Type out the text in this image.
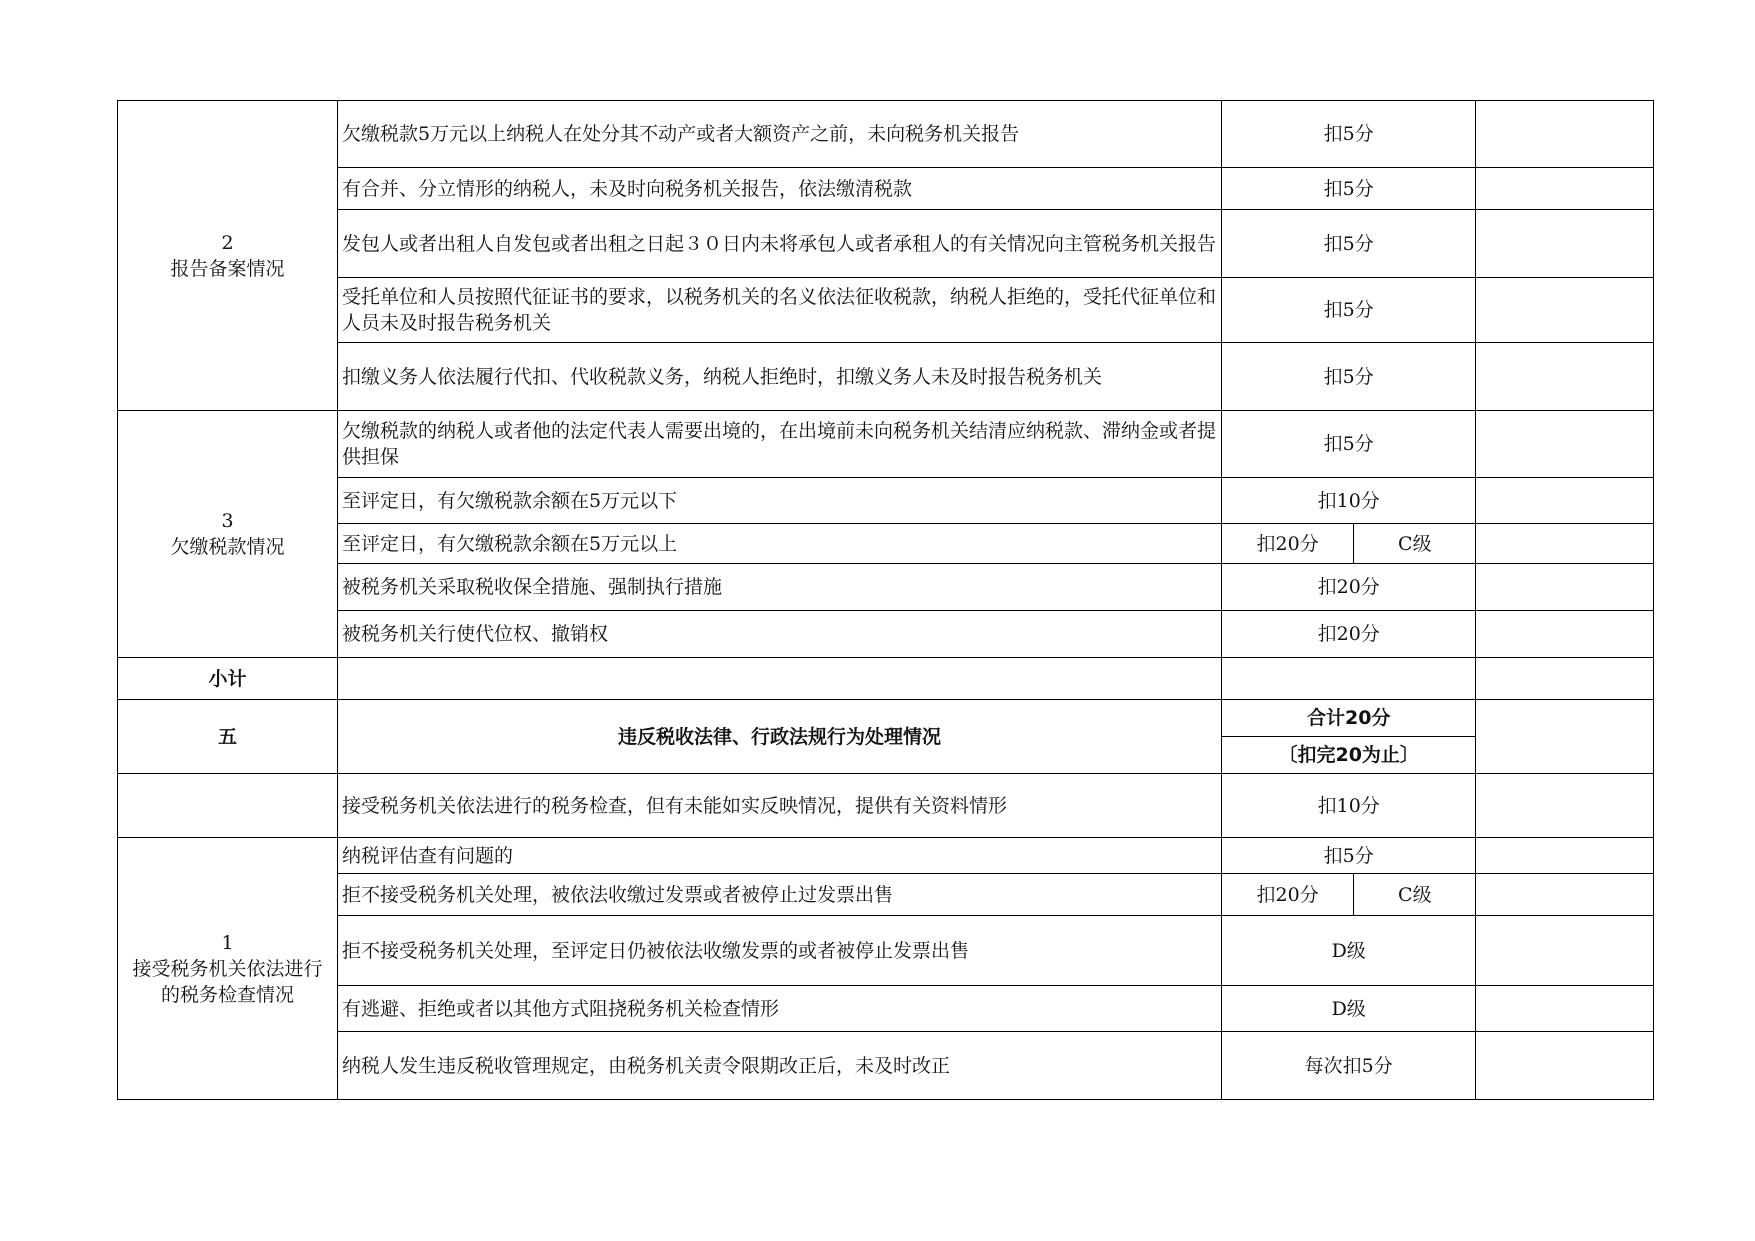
2
报告备案情况	欠缴税款5万元以上纳税人在处分其不动产或者大额资产之前，未向税务机关报告	扣5分		
	有合并、分立情形的纳税人，未及时向税务机关报告，依法缴清税款	扣5分		
	发包人或者出租人自发包或者出租之日起３０日内未将承包人或者承租人的有关情况向主管税务机关报告	扣5分		
	受托单位和人员按照代征证书的要求，以税务机关的名义依法征收税款，纳税人拒绝的，受托代征单位和人员未及时报告税务机关	扣5分		
	扣缴义务人依法履行代扣、代收税款义务，纳税人拒绝时，扣缴义务人未及时报告税务机关	扣5分		

3
欠缴税款情况	欠缴税款的纳税人或者他的法定代表人需要出境的，在出境前未向税务机关结清应纳税款、滞纳金或者提供担保	扣5分		
	至评定日，有欠缴税款余额在5万元以下	扣10分		
	至评定日，有欠缴税款余额在5万元以上	扣20分	C级	
	被税务机关采取税收保全措施、强制执行措施	扣20分		
	被税务机关行使代位权、撤销权	扣20分		
小计				
五	违反税收法律、行政法规行为处理情况	合计20分		
		〔扣完20为止〕		
	接受税务机关依法进行的税务检查，但有未能如实反映情况，提供有关资料情形	扣10分		

1
接受税务机关依法进行
的税务检查情况	纳税评估查有问题的	扣5分		
	拒不接受税务机关处理，被依法收缴过发票或者被停止过发票出售	扣20分	C级	
	拒不接受税务机关处理，至评定日仍被依法收缴发票的或者被停止发票出售	D级		
	有逃避、拒绝或者以其他方式阻挠税务机关检查情形	D级		
	纳税人发生违反税收管理规定，由税务机关责令限期改正后，未及时改正	每次扣5分		
